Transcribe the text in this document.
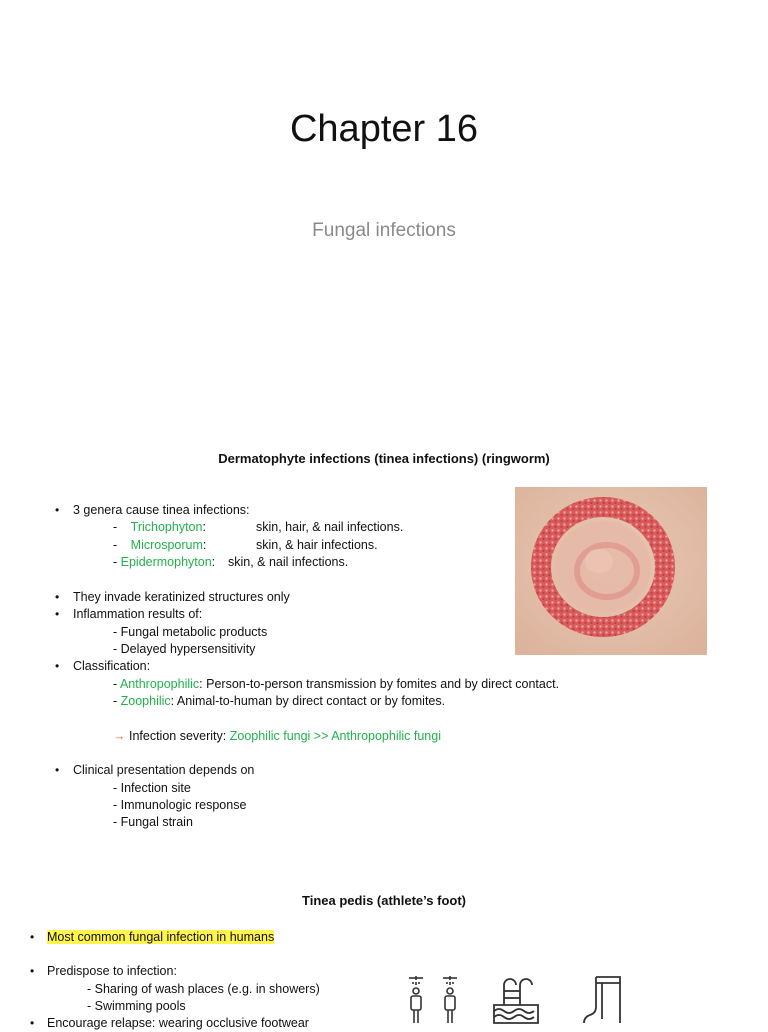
Chapter 16
Fungal infections
Dermatophyte infections (tinea infections) (ringworm)
• 3 genera cause tinea infections:
- Trichophyton:	skin, hair, & nail infections.
- Microsporum:	skin, & hair infections.
- Epidermophyton: skin, & nail infections.
• They invade keratinized structures only
• Inflammation results of:
- Fungal metabolic products
- Delayed hypersensitivity
• Classification:
- Anthropophilic: Person-to-person transmission by fomites and by direct contact.
- Zoophilic: Animal-to-human by direct contact or by fomites.
→ Infection severity: Zoophilic fungi >> Anthropophilic fungi
• Clinical presentation depends on
- Infection site
- Immunologic response
- Fungal strain
Tinea pedis (athlete’s foot)
• Most common fungal infection in humans
• Predispose to infection:
- Sharing of wash places (e.g. in showers)
- Swimming pools
• Encourage relapse: wearing occlusive footwear
